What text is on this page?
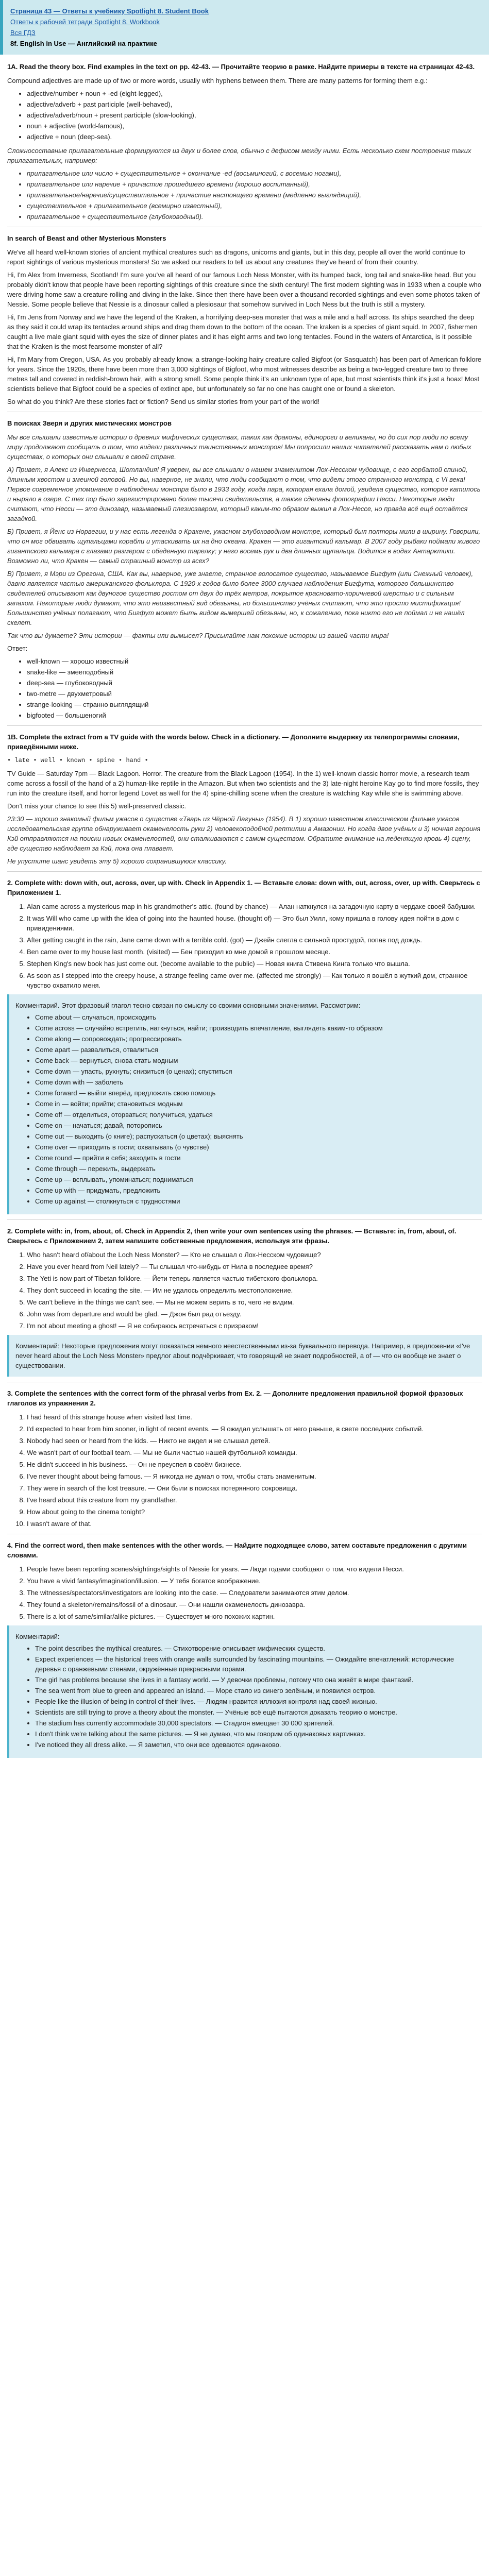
Страница 43 — Ответы к учебнику Spotlight 8. Student Book
Ответы к рабочей тетради Spotlight 8. Workbook
Вся ГДЗ
8f. English in Use — Английский на практике
1A. Read the theory box. Find examples in the text on pp. 42-43. — Прочитайте теорию в рамке. Найдите примеры в тексте на страницах 42-43.

Compound adjectives are made up of two or more words, usually with hyphens between them. There are many patterns for forming them e.g.:

• adjective/number + noun + -ed (eight-legged),
• adjective/adverb + past participle (well-behaved),
• adjective/adverb/noun + present participle (slow-looking),
• noun + adjective (world-famous),
• adjective + noun (deep-sea).

Сложносоставные прилагательные формируются из двух и более слов, обычно с дефисом между ними. Есть несколько схем построения таких прилагательных, например:

• прилагательное или число + существительное + окончание -ed (восьминогий, с восемью ногами),
• прилагательное или наречие + причастие прошедшего времени (хорошо воспитанный),
• прилагательное/наречие/существительное + причастие настоящего времени (медленно выглядящий),
• существительное + прилагательное (всемирно известный),
• прилагательное + существительное (глубоководный).
In search of Beast and other Mysterious Monsters

We've all heard well-known stories of ancient mythical creatures such as dragons, unicorns and giants, but in this day, people all over the world continue to report sightings of various mysterious monsters! So we asked our readers to tell us about any creatures they've heard of from their country.

Hi, I'm Alex from Inverness, Scotland! I'm sure you've all heard of our famous Loch Ness Monster, with its humped back, long tail and snake-like head. But you probably didn't know that people have been reporting sightings of this creature since the sixth century! The first modern sighting was in 1933 when a couple who were driving home saw a creature rolling and diving in the lake. Since then there have been over a thousand recorded sightings and even some photos taken of Nessie. Some people believe that Nessie is a dinosaur called a plesiosaur that somehow survived in Loch Ness but the truth is still a mystery.

Hi, I'm Jens from Norway and we have the legend of the Kraken, a horrifying deep-sea monster that was a mile and a half across. Its ships searched the deep as they said it could wrap its tentacles around ships and drag them down to the bottom of the ocean. The kraken is a species of giant squid. In 2007, fishermen caught a live male giant squid with eyes the size of dinner plates and it has eight arms and two long tentacles. Found in the waters of Antarctica, is it possible that the Kraken is the most fearsome monster of all?

Hi, I'm Mary from Oregon, USA. As you probably already know, a strange-looking hairy creature called Bigfoot (or Sasquatch) has been part of American folklore for years. Since the 1920s, there have been more than 3,000 sightings of Bigfoot, who most witnesses describe as being a two-legged creature two to three metres tall and covered in reddish-brown hair, with a strong smell. Some people think it's an unknown type of ape, but most scientists think it's just a hoax! Most scientists believe that Bigfoot could be a species of extinct ape, but unfortunately so far no one has caught one or found a skeleton.

So what do you think? Are these stories fact or fiction? Send us similar stories from your part of the world!

В поисках Зверя и других мистических монстров

Мы все слышали известные истории о древних мифических существах, таких как драконы, единороги и великаны, но до сих пор люди по всему миру продолжают сообщать о том, что видели различных таинственных монстров! Мы попросили наших читателей рассказать нам о любых существах, о которых они слышали в своей стране.

А) Привет, я Алекс из Инвернесса, Шотландия! Я уверен, вы все слышали о нашем знаменитом Лох-Несском чудовище, с его горбатой спиной, длинным хвостом и змеиной головой. Но вы, наверное, не знали, что люди сообщают о том, что видели этого странного монстра, с VI века! Первое современное упоминание о наблюдении монстра было в 1933 году, когда пара, которая ехала домой, увидела существо, которое катилось и ныряло в озере. С тех пор было зарегистрировано более тысячи свидетельств, а также сделаны фотографии Несси. Некоторые люди считают, что Несси — это динозавр, называемый плезиозавром, который каким-то образом выжил в Лох-Нессе, но правда всё ещё остаётся загадкой.

Б) Привет, я Йенс из Норвегии, и у нас есть легенда о Кракене, ужасном глубоководном монстре, который был полторы мили в ширину. Говорили, что он мог обвивать щупальцами корабли и утаскивать их на дно океана. Кракен — это гигантский кальмар. В 2007 году рыбаки поймали живого гигантского кальмара с глазами размером с обеденную тарелку; у него восемь рук и два длинных щупальца. Водится в водах Антарктики. Возможно ли, что Кракен — самый страшный монстр из всех?

В) Привет, я Мэри из Орегона, США. Как вы, наверное, уже знаете, странное волосатое существо, называемое Бигфут (или Снежный человек), давно является частью американского фольклора. С 1920-х годов было более 3000 случаев наблюдения Бигфута, которого большинство свидетелей описывают как двуногое существо ростом от двух до трёх метров, покрытое красновато-коричневой шерстью и с сильным запахом. Некоторые люди думают, что это неизвестный вид обезьяны, но большинство учёных считают, что это просто мистификация! Большинство учёных полагают, что Бигфут может быть видом вымершей обезьяны, но, к сожалению, пока никто его не поймал и не нашёл скелет.

Так что вы думаете? Эти истории — факты или вымысел? Присылайте нам похожие истории из вашей части мира!

Ответ:

• well-known — хорошо известный
• snake-like — змееподобный
• deep-sea — глубоководный
• two-metre — двухметровый
• strange-looking — странно выглядящий
• bigfooted — большеногий
1B. Complete the extract from a TV guide with the words below. Check in a dictionary. — Дополните выдержку из телепрограммы словами, приведёнными ниже.

• late • well • known • spine • hand •

TV Guide — Saturday 7pm — Black Lagoon. Horror. The creature from the Black Lagoon (1954). In the 1) well-known classic horror movie, a research team come across a fossil of the hand of a 2) human-like reptile in the Amazon. But when two scientists and the 3) late-night heroine Kay go to find more fossils, they run into the creature itself, and horror legend Lovet as well for the 4) spine-chilling scene when the creature is watching Kay while she is swimming above.

Don't miss your chance to see this 5) well-preserved classic.

23:30 — хорошо знакомый фильм ужасов о существе «Тварь из Чёрной Лагуны» (1954). В 1) хорошо известном классическом фильме ужасов исследовательская группа обнаруживает окаменелость руки 2) человекоподобной рептилии в Амазонии. Но когда двое учёных и 3) ночная героиня Кэй отправляются на поиски новых окаменелостей, они сталкиваются с самим существом. Обратите внимание на леденящую кровь 4) сцену, где существо наблюдает за Кэй, пока она плавает.

Не упустите шанс увидеть эту 5) хорошо сохранившуюся классику.

2. Complete with: down with, out, across, over, up with. Check in Appendix 1. — Вставьте слова: down with, out, across, over, up with. Сверьтесь с Приложением 1.
1. Alan came across a mysterious map in his grandmother's attic. (found by chance) — Алан наткнулся на загадочную карту в чердаке своей бабушки.
2. It was Will who came up with the idea of going into the haunted house. (thought of) — Это был Уилл, кому пришла в голову идея пойти в дом с привидениями.
3. After getting caught in the rain, Jane came down with a terrible cold. (got) — Джейн слегла с сильной простудой, попав под дождь.
4. Ben came over to my house last month. (visited) — Бен приходил ко мне домой в прошлом месяце.
5. Stephen King's new book has just come out. (become available to the public) — Новая книга Стивена Кинга только что вышла.
6. As soon as I stepped into the creepy house, a strange feeling came over me. (affected me strongly) — Как только я вошёл в жуткий дом, странное чувство охватило меня.

Комментарий. Этот фразовый глагол тесно связан по смыслу со своими основными значениями. Рассмотрим:

• Come about — случаться, происходить
• Come across — случайно встретить, наткнуться, найти; производить впечатление, выглядеть каким-то образом
• Come along — сопровождать; прогрессировать
• Come apart — развалиться, отвалиться
• Come back — вернуться, снова стать модным
• Come down — упасть, рухнуть; снизиться (о ценах); спуститься
• Come down with — заболеть
• Come forward — выйти вперёд, предложить свою помощь
• Come in — войти; прийти; становиться модным
• Come off — отделиться, оторваться; получиться, удаться
• Come on — начаться; давай, поторопись
• Come out — выходить (о книге); распускаться (о цветах); выяснять
• Come over — приходить в гости; охватывать (о чувстве)
• Come round — прийти в себя; заходить в гости
• Come through — пережить, выдержать
• Come up — всплывать, упоминаться; подниматься
• Come up with — придумать, предложить
• Come up against — столкнуться с трудностями
2. Complete with: in, from, about, of. Check in Appendix 2, then write your own sentences using the phrases. — Вставьте: in, from, about, of. Сверьтесь с Приложением 2, затем напишите собственные предложения, используя эти фразы.
1. Who hasn't heard of/about the Loch Ness Monster? — Кто не слышал о Лох-Несском чудовище?
2. Have you ever heard from Neil lately? — Ты слышал что-нибудь от Нила в последнее время?
3. The Yeti is now part of Tibetan folklore. — Йети теперь является частью тибетского фольклора.
4. They don't succeed in locating the site. — Им не удалось определить местоположение.
5. We can't believe in the things we can't see. — Мы не можем верить в то, чего не видим.
6. John was from departure and would be glad. — Джон был рад отъезду.
7. I'm not about meeting a ghost! — Я не собираюсь встречаться с призраком!

Комментарий: Некоторые предложения могут показаться немного неестественными из-за буквального перевода. Например, в предложении «I've never heard about the Loch Ness Monster» предлог about подчёркивает, что говорящий не знает подробностей, а of — что он вообще не знает о существовании.

3. Complete the sentences with the correct form of the phrasal verbs from Ex. 2. — Дополните предложения правильной формой фразовых глаголов из упражнения 2.
1. I had heard of this strange house when visited last time.
2. I'd expected to hear from him sooner, in light of recent events. — Я ожидал услышать от него раньше, в свете последних событий.
3. Nobody had seen or heard from the kids. — Никто не видел и не слышал детей.
4. We wasn't part of our football team. — Мы не были частью нашей футбольной команды.
5. He didn't succeed in his business. — Он не преуспел в своём бизнесе.
6. I've never thought about being famous. — Я никогда не думал о том, чтобы стать знаменитым.
7. They were in search of the lost treasure. — Они были в поисках потерянного сокровища.
8. I've heard about this creature from my grandfather.
9. How about going to the cinema tonight?
10. I wasn't aware of that.
4. Find the correct word, then make sentences with the other words. — Найдите подходящее слово, затем составьте предложения с другими словами.
1. People have been reporting scenes/sightings/sights of Nessie for years. — Люди годами сообщают о том, что видели Несси.
2. You have a vivid fantasy/imagination/illusion. — У тебя богатое воображение.
3. The witnesses/spectators/investigators are looking into the case. — Следователи занимаются этим делом.
4. They found a skeleton/remains/fossil of a dinosaur. — Они нашли окаменелость динозавра.
5. There is a lot of same/similar/alike pictures. — Существует много похожих картин.

Комментарий:

• The point describes the mythical creatures. — Стихотворение описывает мифических существ.
• Expect experiences — the historical trees with orange walls surrounded by fascinating mountains. — Ожидайте впечатлений: исторические деревья с оранжевыми стенами, окружённые прекрасными горами.
• The girl has problems because she lives in a fantasy world. — У девочки проблемы, потому что она живёт в мире фантазий.
• The sea went from blue to green and appeared an island. — Море стало из синего зелёным, и появился остров.
• People like the illusion of being in control of their lives. — Людям нравится иллюзия контроля над своей жизнью.
• Scientists are still trying to prove a theory about the monster. — Учёные всё ещё пытаются доказать теорию о монстре.
• The stadium has currently accommodate 30,000 spectators. — Стадион вмещает 30 000 зрителей.
• I don't think we're talking about the same pictures. — Я не думаю, что мы говорим об одинаковых картинках.
• I've noticed they all dress alike. — Я заметил, что они все одеваются одинаково.
